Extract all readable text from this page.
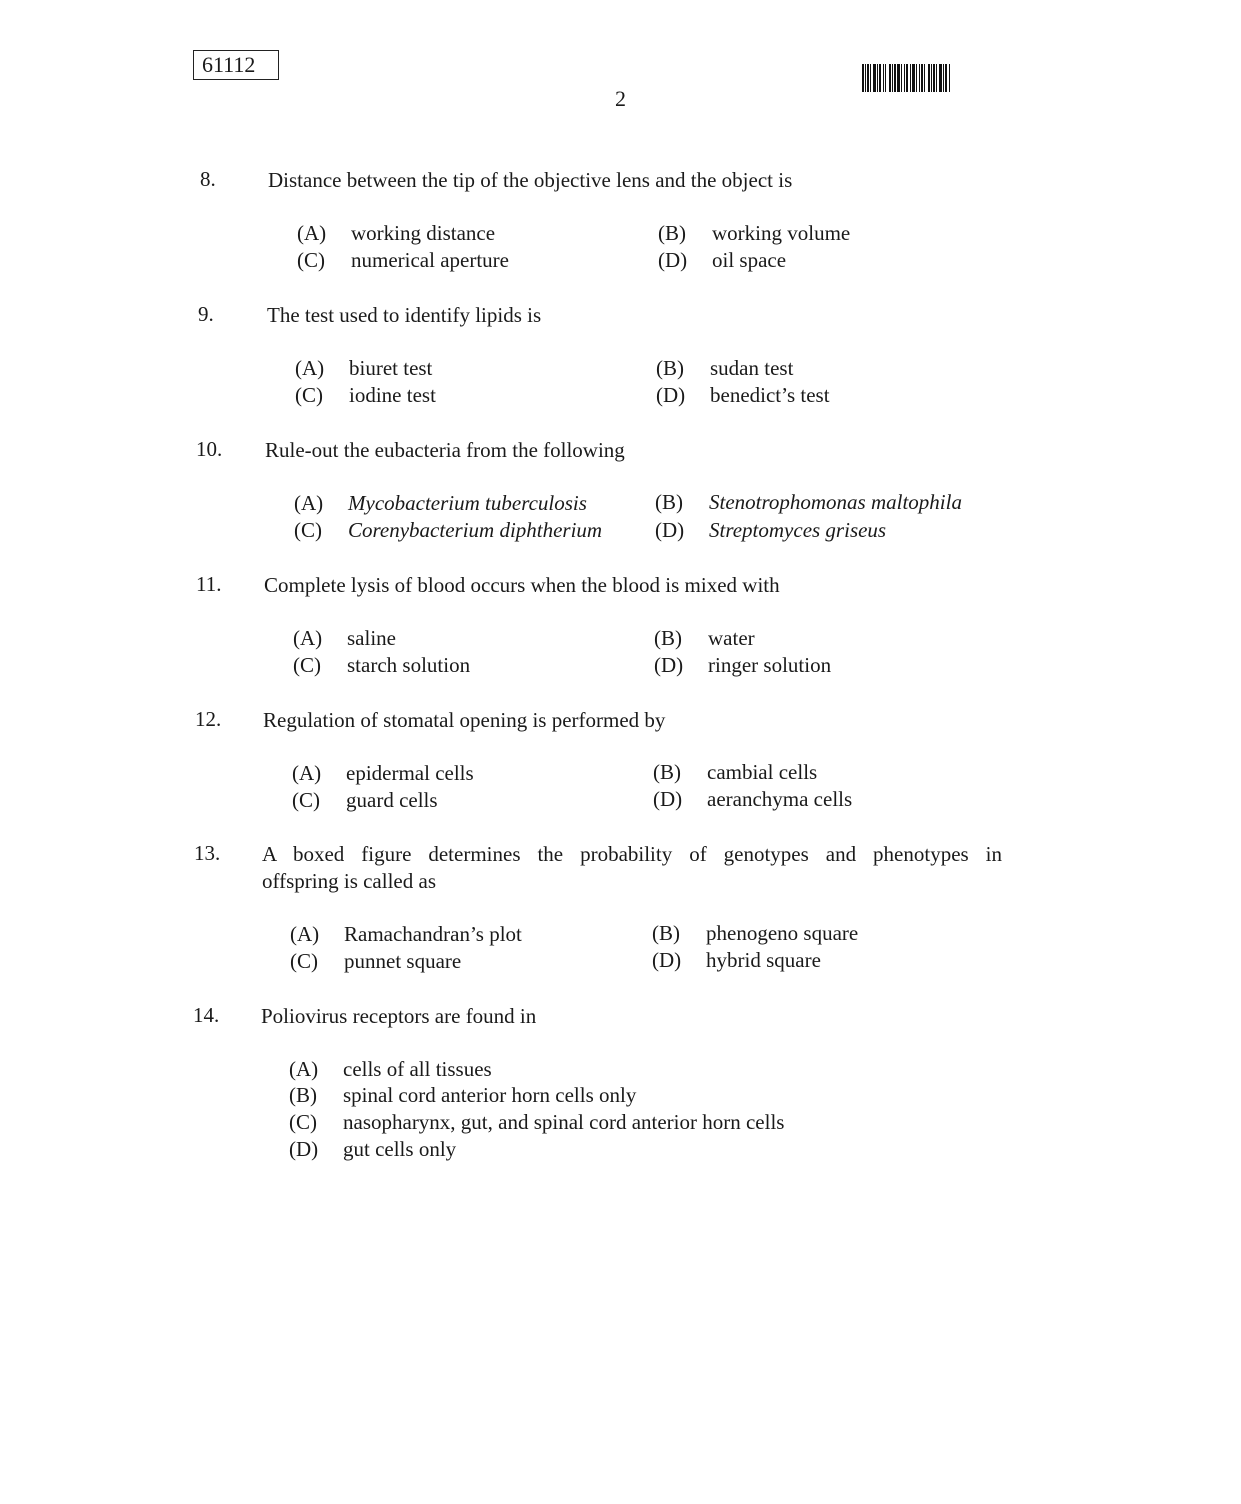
61112
2
8. Distance between the tip of the objective lens and the object is
(A) working distance	(B) working volume
(C) numerical aperture	(D) oil space
9.	The test used to identify lipids is
(A) biuret test	(B) sudan test
(C) iodine test	(D) benedict’s test
10. Rule-out the eubacteria from the following
(A) Mycobacterium tuberculosis	(B) Stenotrophomonas maltophila
(C) Corenybacterium diphtherium	(D) Streptomyces griseus
11. Complete lysis of blood occurs when the blood is mixed with
(A) saline	(B) water
(C) starch solution	(D) ringer solution
12. Regulation of stomatal opening is performed by
(A) epidermal cells	(B) cambial cells
(C) guard cells	(D) aeranchyma cells
13. A boxed figure determines the probability of genotypes and phenotypes in
offspring is called as
(A) Ramachandran’s plot	(B) phenogeno square
(C) punnet square	(D) hybrid square
14. Poliovirus receptors are found in
(A) cells of all tissues
(B) spinal cord anterior horn cells only
(C) nasopharynx, gut, and spinal cord anterior horn cells
(D) gut cells only
